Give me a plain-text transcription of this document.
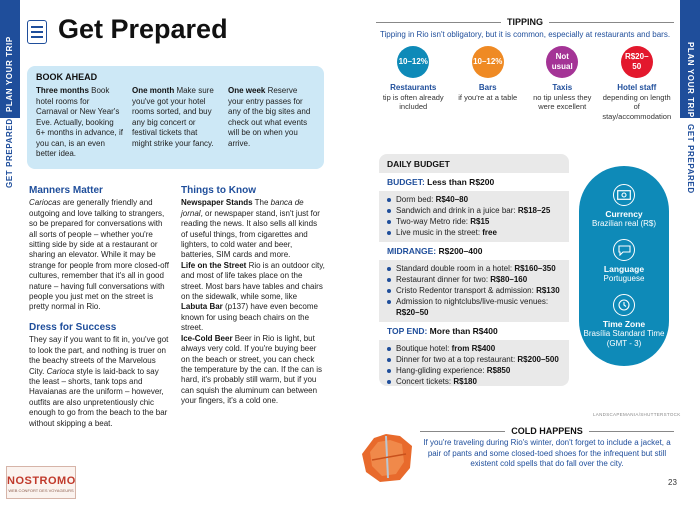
PLAN YOUR TRIP
GET PREPARED
PLAN YOUR TRIP
GET PREPARED
Get Prepared
BOOK AHEAD
Three months Book hotel rooms for Carnaval or New Year's Eve. Actually, booking 6+ months in advance, if you can, is an even better idea.
One month Make sure you've got your hotel rooms sorted, and buy any big concert or festival tickets that might strike your fancy.
One week Reserve your entry passes for any of the big sites and check out what events will be on when you arrive.
Manners Matter

Cariocas are generally friendly and outgoing and love talking to strangers, so be prepared for conversations with all sorts of people – whether you're sitting side by side at a restaurant or sharing an elevator. While it may be strange for people from more closed-off cultures, remember that it's all in good nature – having full conversations with people you just met on the street is pretty normal in Rio.

Dress for Success

They say if you want to fit in, you've got to look the part, and nothing is truer on the beachy streets of the Marvelous City. Carioca style is laid-back to say the least – shorts, tank tops and Havaianas are the uniform – however, outfits are also unpretentiously chic enough to go from the beach to the bar without skipping a beat.

Things to Know

Newspaper Stands The banca de jornal, or newspaper stand, isn't just for reading the news. It also sells all kinds of useful things, from cigarettes and lighters, to cold water and beer, batteries, SIM cards and more.

Life on the Street Rio is an outdoor city, and most of life takes place on the street. Most bars have tables and chairs on the sidewalk, while some, like Labuta Bar (p137) have even become known for using beach chairs on the street.

Ice-Cold Beer Beer in Rio is light, but always very cold. If you're buying beer on the beach or street, you can check the temperature by the can. If the can is hard, it's probably still warm, but if you can squish the aluminum can between your fingers, it's a cold one.

NOSTROMO
WEB CONFORT DES VOYAGEURS
TIPPING
Tipping in Rio isn't obligatory, but it is common, especially at restaurants and bars.
10–12%
Restaurants
tip is often already included
10–12%
Bars
if you're at a table
Not usual
Taxis
no tip unless they were excellent
R$20–50
Hotel staff
depending on length of stay/accommodation
DAILY BUDGET
BUDGET: Less than R$200
Dorm bed: R$40–80
Sandwich and drink in a juice bar: R$18–25
Two-way Metro ride: R$15
Live music in the street: free
MIDRANGE: R$200–400
Standard double room in a hotel: R$160–350
Restaurant dinner for two: R$80–160
Cristo Redentor transport & admission: R$130
Admission to nightclubs/live-music venues: R$20–50
TOP END: More than R$400
Boutique hotel: from R$400
Dinner for two at a top restaurant: R$200–500
Hang-gliding experience: R$850
Concert tickets: R$180
Currency
Brazilian real (R$)
Language
Portuguese
Time Zone
Brasília Standard Time (GMT - 3)
LANDSCAPEMANIA/SHUTTERSTOCK
COLD HAPPENS
If you're traveling during Rio's winter, don't forget to include a jacket, a pair of pants and some closed-toed shoes for the infrequent but still existent cold spells that do fall over the city.
23
